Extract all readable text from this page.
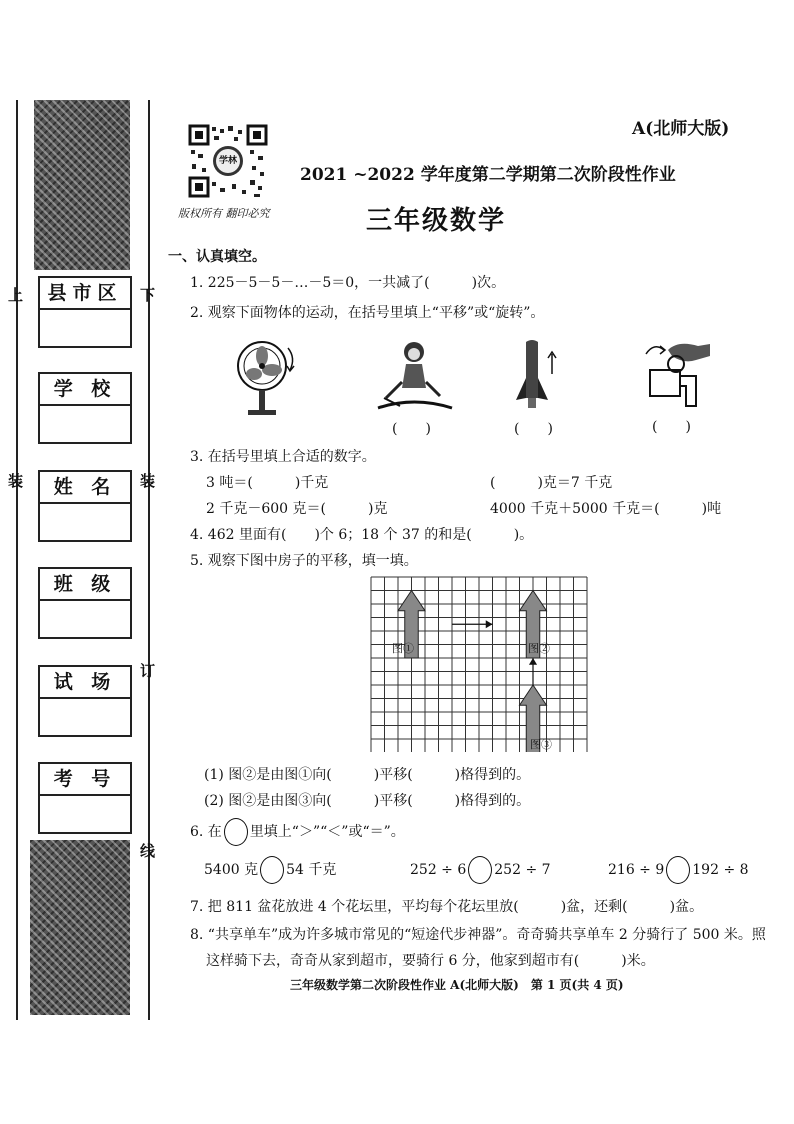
上
装
下
装
订
线
县市区
学 校
姓 名
班 级
试 场
考 号
A(北师大版)
学林
版权所有 翻印必究
2021 ~2022 学年度第二学期第二次阶段性作业
三年级数学
一、认真填空。
1. 225－5－5－…－5＝0，一共减了(　　　)次。
2. 观察下面物体的运动，在括号里填上“平移”或“旋转”。
(　　)	(　　)	(　　)
3. 在括号里填上合适的数字。
3 吨＝(　　　)千克	(　　　)克＝7 千克
2 千克－600 克＝(　　　)克	4000 千克＋5000 千克＝(　　　)吨
4. 462 里面有(　　)个 6；18 个 37 的和是(　　　)。
5. 观察下图中房子的平移，填一填。
图①	图②
图③
(1) 图②是由图①向(　　　)平移(　　　)格得到的。
(2) 图②是由图③向(　　　)平移(　　　)格得到的。
6. 在 里填上“＞”“＜”或“＝”。
5400 克 54 千克	252 ÷ 6 252 ÷ 7	216 ÷ 9 192 ÷ 8
7. 把 811 盆花放进 4 个花坛里，平均每个花坛里放(　　　)盆，还剩(　　　)盆。
8. “共享单车”成为许多城市常见的“短途代步神器”。奇奇骑共享单车 2 分骑行了 500 米。照
这样骑下去，奇奇从家到超市，要骑行 6 分，他家到超市有(　　　)米。
三年级数学第二次阶段性作业 A(北师大版)　第 1 页(共 4 页)
